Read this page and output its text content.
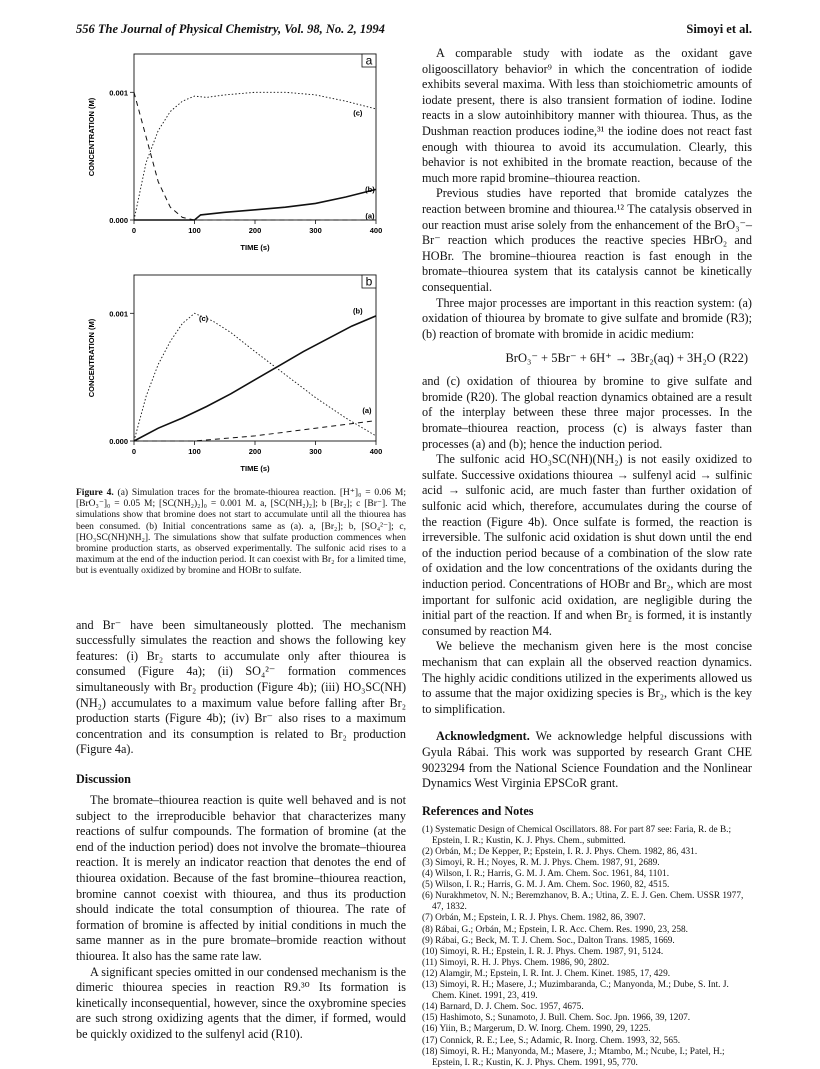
556 The Journal of Physical Chemistry, Vol. 98, No. 2, 1994	Simoyi et al.
a
0	100	200	300	400
0.000
0.001
TIME (s)
CONCENTRATION (M)
(a)
(b)
(c)
b
0	100	200	300	400
0.000
0.001
TIME (s)
CONCENTRATION (M)
(a)
(b)
(c)

Figure 4. (a) Simulation traces for the bromate-thiourea reaction. [H⁺]₀ = 0.06 M; [BrO₃⁻]₀ = 0.05 M; [SC(NH₂)₂]₀ = 0.001 M. a, [SC(NH₂)₂]; b [Br₂]; c [Br⁻]. The simulations show that bromine does not start to accumulate until all the thiourea has been consumed. (b) Initial concentrations same as (a). a, [Br₂]; b, [SO₄²⁻]; c, [HO₃SC(NH)NH₂]. The simulations show that sulfate production commences when bromine production starts, as observed experimentally. The sulfonic acid rises to a maximum at the end of the induction period. It can coexist with Br₂ for a limited time, but is eventually oxidized by bromine and HOBr to sulfate.

and Br⁻ have been simultaneously plotted. The mechanism successfully simulates the reaction and shows the following key features: (i) Br₂ starts to accumulate only after thiourea is consumed (Figure 4a); (ii) SO₄²⁻ formation commences simultaneously with Br₂ production (Figure 4b); (iii) HO₃SC(NH)(NH₂) accumulates to a maximum value before falling after Br₂ production starts (Figure 4b); (iv) Br⁻ also rises to a maximum concentration and its consumption is related to Br₂ production (Figure 4a).

Discussion

The bromate–thiourea reaction is quite well behaved and is not subject to the irreproducible behavior that characterizes many reactions of sulfur compounds. The formation of bromine (at the end of the induction period) does not involve the bromate–thiourea reaction. It is merely an indicator reaction that denotes the end of thiourea oxidation. Because of the fast bromine–thiourea reaction, bromine cannot coexist with thiourea, and thus its production should indicate the total consumption of thiourea. The rate of formation of bromine is affected by initial conditions in much the same manner as in the pure bromate–bromide reaction without thiourea. It also has the same rate law.

A significant species omitted in our condensed mechanism is the dimeric thiourea species in reaction R9.³⁰ Its formation is kinetically inconsequential, however, since the oxybromine species are such strong oxidizing agents that the dimer, if formed, would be quickly oxidized to the sulfenyl acid (R10).

A comparable study with iodate as the oxidant gave oligooscillatory behavior⁹ in which the concentration of iodide exhibits several maxima. With less than stoichiometric amounts of iodate present, there is also transient formation of iodine. Iodine reacts in a slow autoinhibitory manner with thiourea. Thus, as the Dushman reaction produces iodine,³¹ the iodine does not react fast enough with thiourea to avoid its accumulation. Clearly, this behavior is not exhibited in the bromate reaction, because of the much more rapid bromine–thiourea reaction.

Previous studies have reported that bromide catalyzes the reaction between bromine and thiourea.¹² The catalysis observed in our reaction must arise solely from the enhancement of the BrO₃⁻–Br⁻ reaction which produces the reactive species HBrO₂ and HOBr. The bromine–thiourea reaction is fast enough in the bromate–thiourea system that its catalysis cannot be kinetically consequential.

Three major processes are important in this reaction system: (a) oxidation of thiourea by bromate to give sulfate and bromide (R3); (b) reaction of bromate with bromide in acidic medium:

BrO₃⁻ + 5Br⁻ + 6H⁺ → 3Br₂(aq) + 3H₂O (R22)

and (c) oxidation of thiourea by bromine to give sulfate and bromide (R20). The global reaction dynamics obtained are a result of the interplay between these three major processes. In the bromate–thiourea reaction, process (c) is always faster than processes (a) and (b); hence the induction period.

The sulfonic acid HO₃SC(NH)(NH₂) is not easily oxidized to sulfate. Successive oxidations thiourea → sulfenyl acid → sulfinic acid → sulfonic acid, are much faster than further oxidation of sulfonic acid which, therefore, accumulates during the course of the reaction (Figure 4b). Once sulfate is formed, the reaction is irreversible. The sulfonic acid oxidation is shut down until the end of the induction period because of a combination of the slow rate of oxidation and the low concentrations of the oxidants during the induction period. Concentrations of HOBr and Br₂, which are most important for sulfonic acid oxidation, are negligible during the initial part of the reaction. If and when Br₂ is formed, it is instantly consumed by reaction M4.

We believe the mechanism given here is the most concise mechanism that can explain all the observed reaction dynamics. The highly acidic conditions utilized in the experiments allowed us to assume that the major oxidizing species is Br₂, which is the key to simplification.

Acknowledgment. We acknowledge helpful discussions with Gyula Rábai. This work was supported by research Grant CHE 9023294 from the National Science Foundation and the Nonlinear Dynamics West Virginia EPSCoR grant.

References and Notes
(1) Systematic Design of Chemical Oscillators. 88. For part 87 see: Faria, R. de B.; Epstein, I. R.; Kustin, K. J. Phys. Chem., submitted.
(2) Orbán, M.; De Kepper, P.; Epstein, I. R. J. Phys. Chem. 1982, 86, 431.
(3) Simoyi, R. H.; Noyes, R. M. J. Phys. Chem. 1987, 91, 2689.
(4) Wilson, I. R.; Harris, G. M. J. Am. Chem. Soc. 1961, 84, 1101.
(5) Wilson, I. R.; Harris, G. M. J. Am. Chem. Soc. 1960, 82, 4515.
(6) Nurakhmetov, N. N.; Beremzhanov, B. A.; Utina, Z. E. J. Gen. Chem. USSR 1977, 47, 1832.
(7) Orbán, M.; Epstein, I. R. J. Phys. Chem. 1982, 86, 3907.
(8) Rábai, G.; Orbán, M.; Epstein, I. R. Acc. Chem. Res. 1990, 23, 258.
(9) Rábai, G.; Beck, M. T. J. Chem. Soc., Dalton Trans. 1985, 1669.
(10) Simoyi, R. H.; Epstein, I. R. J. Phys. Chem. 1987, 91, 5124.
(11) Simoyi, R. H. J. Phys. Chem. 1986, 90, 2802.
(12) Alamgir, M.; Epstein, I. R. Int. J. Chem. Kinet. 1985, 17, 429.
(13) Simoyi, R. H.; Masere, J.; Muzimbaranda, C.; Manyonda, M.; Dube, S. Int. J. Chem. Kinet. 1991, 23, 419.
(14) Barnard, D. J. Chem. Soc. 1957, 4675.
(15) Hashimoto, S.; Sunamoto, J. Bull. Chem. Soc. Jpn. 1966, 39, 1207.
(16) Yiin, B.; Margerum, D. W. Inorg. Chem. 1990, 29, 1225.
(17) Connick, R. E.; Lee, S.; Adamic, R. Inorg. Chem. 1993, 32, 565.
(18) Simoyi, R. H.; Manyonda, M.; Masere, J.; Mtambo, M.; Ncube, I.; Patel, H.; Epstein, I. R.; Kustin, K. J. Phys. Chem. 1991, 95, 770.
